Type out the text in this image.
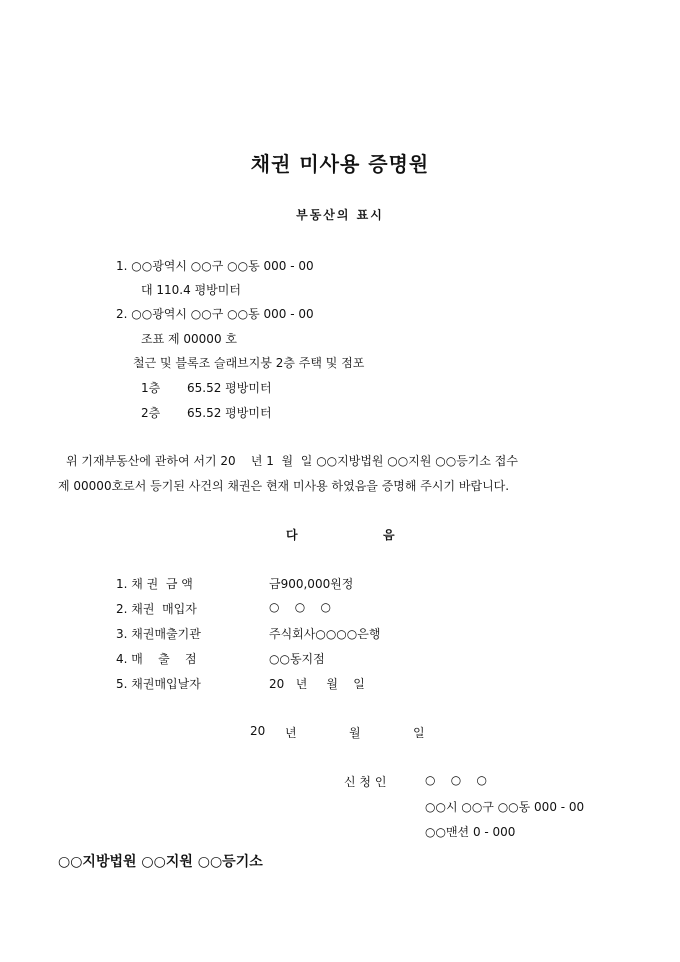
채권 미사용 증명원
부동산의 표시
1. ○○광역시 ○○구 ○○동 000 - 00
대 110.4 평방미터
2. ○○광역시 ○○구 ○○동 000 - 00
조표 제 00000 호
철근 및 블록조 슬래브지붕 2층 주택 및 점포
1층 65.52 평방미터
2층 65.52 평방미터
위 기재부동산에 관하여 서기 20    년 1  월  일 ○○지방법원 ○○지원 ○○등기소 접수
제 00000호로서 등기된 사건의 채권은 현재 미사용 하였음을 증명해 주시기 바랍니다.
다	음
1. 채 권  금 액	금900,000원정
2. 채권  매입자	○    ○    ○
3. 채권매출기관	주식회사○○○○은행
4. 매    출    점	○○동지점
5. 채권매입날자	20   년     월    일
20 년	월	일
신 청 인	○    ○    ○
○○시 ○○구 ○○동 000 - 00
○○맨션 0 - 000
○○지방법원 ○○지원 ○○등기소
